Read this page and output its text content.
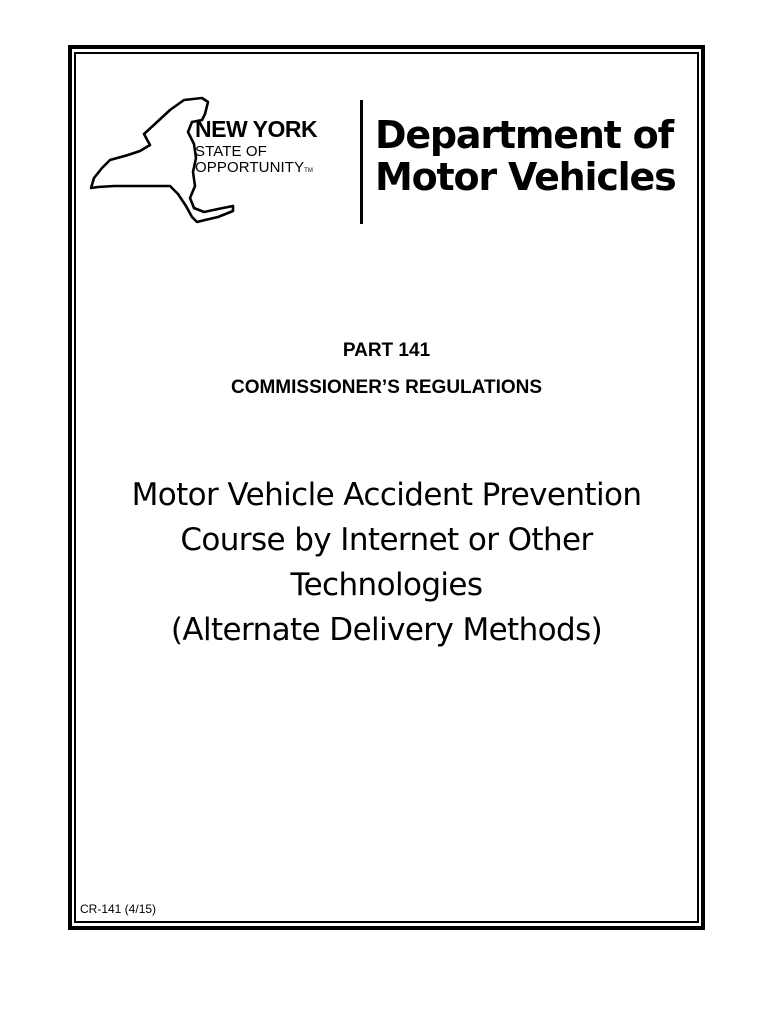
NEW YORK
STATE OF
OPPORTUNITYTM
Department of
Motor Vehicles
PART 141
COMMISSIONER’S REGULATIONS
Motor Vehicle Accident Prevention
Course by Internet or Other
Technologies
(Alternate Delivery Methods)
CR-141 (4/15)
